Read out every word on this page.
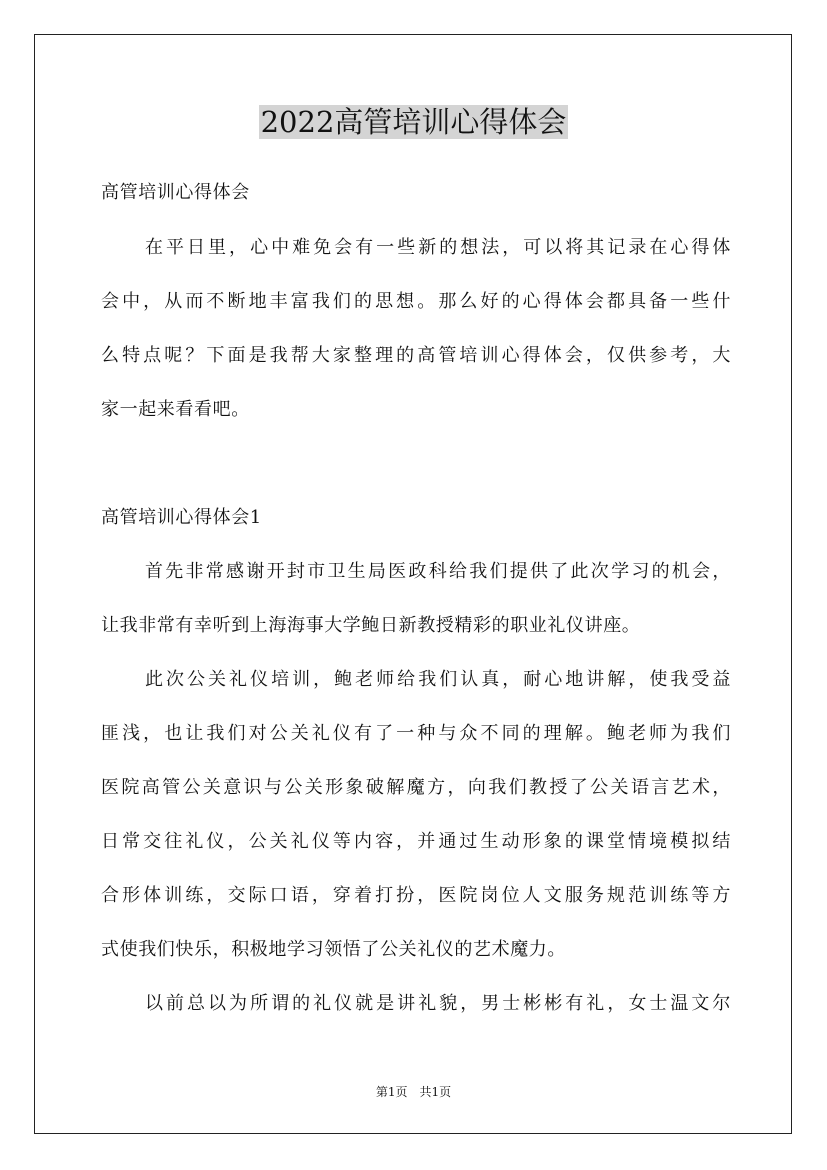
2022高管培训心得体会
高管培训心得体会
在平日里，心中难免会有一些新的想法，可以将其记录在心得体
会中，从而不断地丰富我们的思想。那么好的心得体会都具备一些什
么特点呢？下面是我帮大家整理的高管培训心得体会，仅供参考，大
家一起来看看吧。
高管培训心得体会1
首先非常感谢开封市卫生局医政科给我们提供了此次学习的机会，
让我非常有幸听到上海海事大学鲍日新教授精彩的职业礼仪讲座。
此次公关礼仪培训，鲍老师给我们认真，耐心地讲解，使我受益
匪浅，也让我们对公关礼仪有了一种与众不同的理解。鲍老师为我们
医院高管公关意识与公关形象破解魔方，向我们教授了公关语言艺术，
日常交往礼仪，公关礼仪等内容，并通过生动形象的课堂情境模拟结
合形体训练，交际口语，穿着打扮，医院岗位人文服务规范训练等方
式使我们快乐，积极地学习领悟了公关礼仪的艺术魔力。
以前总以为所谓的礼仪就是讲礼貌，男士彬彬有礼，女士温文尔
第1页　共1页
